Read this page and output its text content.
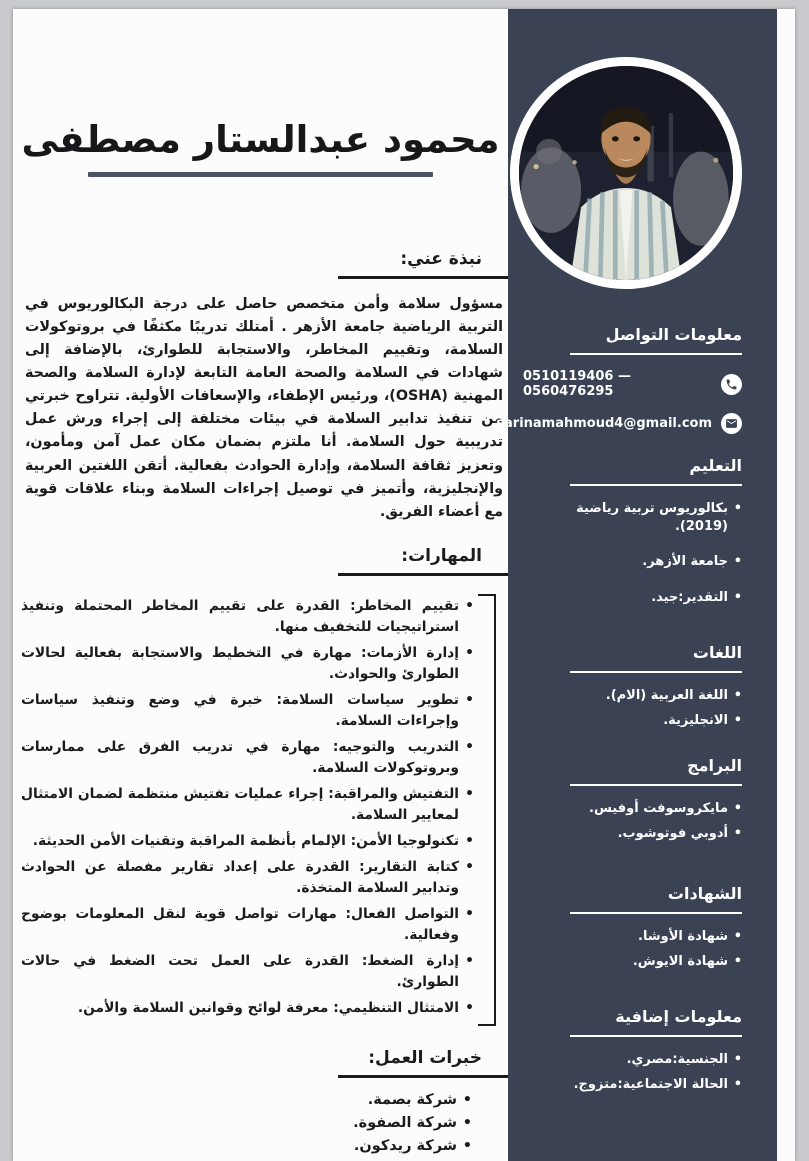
محمود عبدالستار مصطفى
نبذة عني:

مسؤول سلامة وأمن متخصص حاصل على درجة البكالوريوس في التربية الرياضية جامعة الأزهر . أمتلك تدريبًا مكثفًا في بروتوكولات السلامة، وتقييم المخاطر، والاستجابة للطوارئ، بالإضافة إلى شهادات في السلامة والصحة العامة التابعة لإدارة السلامة والصحة المهنية (OSHA)، ورئيس الإطفاء، والإسعافات الأولية. تتراوح خبرتي من تنفيذ تدابير السلامة في بيئات مختلفة إلى إجراء ورش عمل تدريبية حول السلامة. أنا ملتزم بضمان مكان عمل آمن ومأمون، وتعزيز ثقافة السلامة، وإدارة الحوادث بفعالية. أتقن اللغتين العربية والإنجليزية، وأتميز في توصيل إجراءات السلامة وبناء علاقات قوية مع أعضاء الفريق.

المهارات:
• تقييم المخاطر: القدرة على تقييم المخاطر المحتملة وتنفيذ استراتيجيات للتخفيف منها.
• إدارة الأزمات: مهارة في التخطيط والاستجابة بفعالية لحالات الطوارئ والحوادث.
• تطوير سياسات السلامة: خبرة في وضع وتنفيذ سياسات وإجراءات السلامة.
• التدريب والتوجيه: مهارة في تدريب الفرق على ممارسات وبروتوكولات السلامة.
• التفتيش والمراقبة: إجراء عمليات تفتيش منتظمة لضمان الامتثال لمعايير السلامة.
• تكنولوجيا الأمن: الإلمام بأنظمة المراقبة وتقنيات الأمن الحديثة.
• كتابة التقارير: القدرة على إعداد تقارير مفصلة عن الحوادث وتدابير السلامة المتخذة.
• التواصل الفعال: مهارات تواصل قوية لنقل المعلومات بوضوح وفعالية.
• إدارة الضغط: القدرة على العمل تحت الضغط في حالات الطوارئ.
• الامتثال التنظيمي: معرفة لوائح وقوانين السلامة والأمن.
خبرات العمل:
• شركة بصمة.
• شركة الصفوة.
• شركة ريدكون.
معلومات التواصل
0510119406 —0560476295
sarinamahmoud4@gmail.com
التعليم
• بكالوريوس تربية رياضية (2019).
• جامعة الأزهر.
• التقدير:جيد.
اللغات
• اللغة العربية (الام).
• الانجليزية.
البرامج
• مايكروسوفت أوفيس.
• أدوبي فوتوشوب.
الشهادات
• شهادة الأوشا.
• شهادة الايوش.
معلومات إضافية
• الجنسية:مصري.
• الحالة الاجتماعية:متزوج.
